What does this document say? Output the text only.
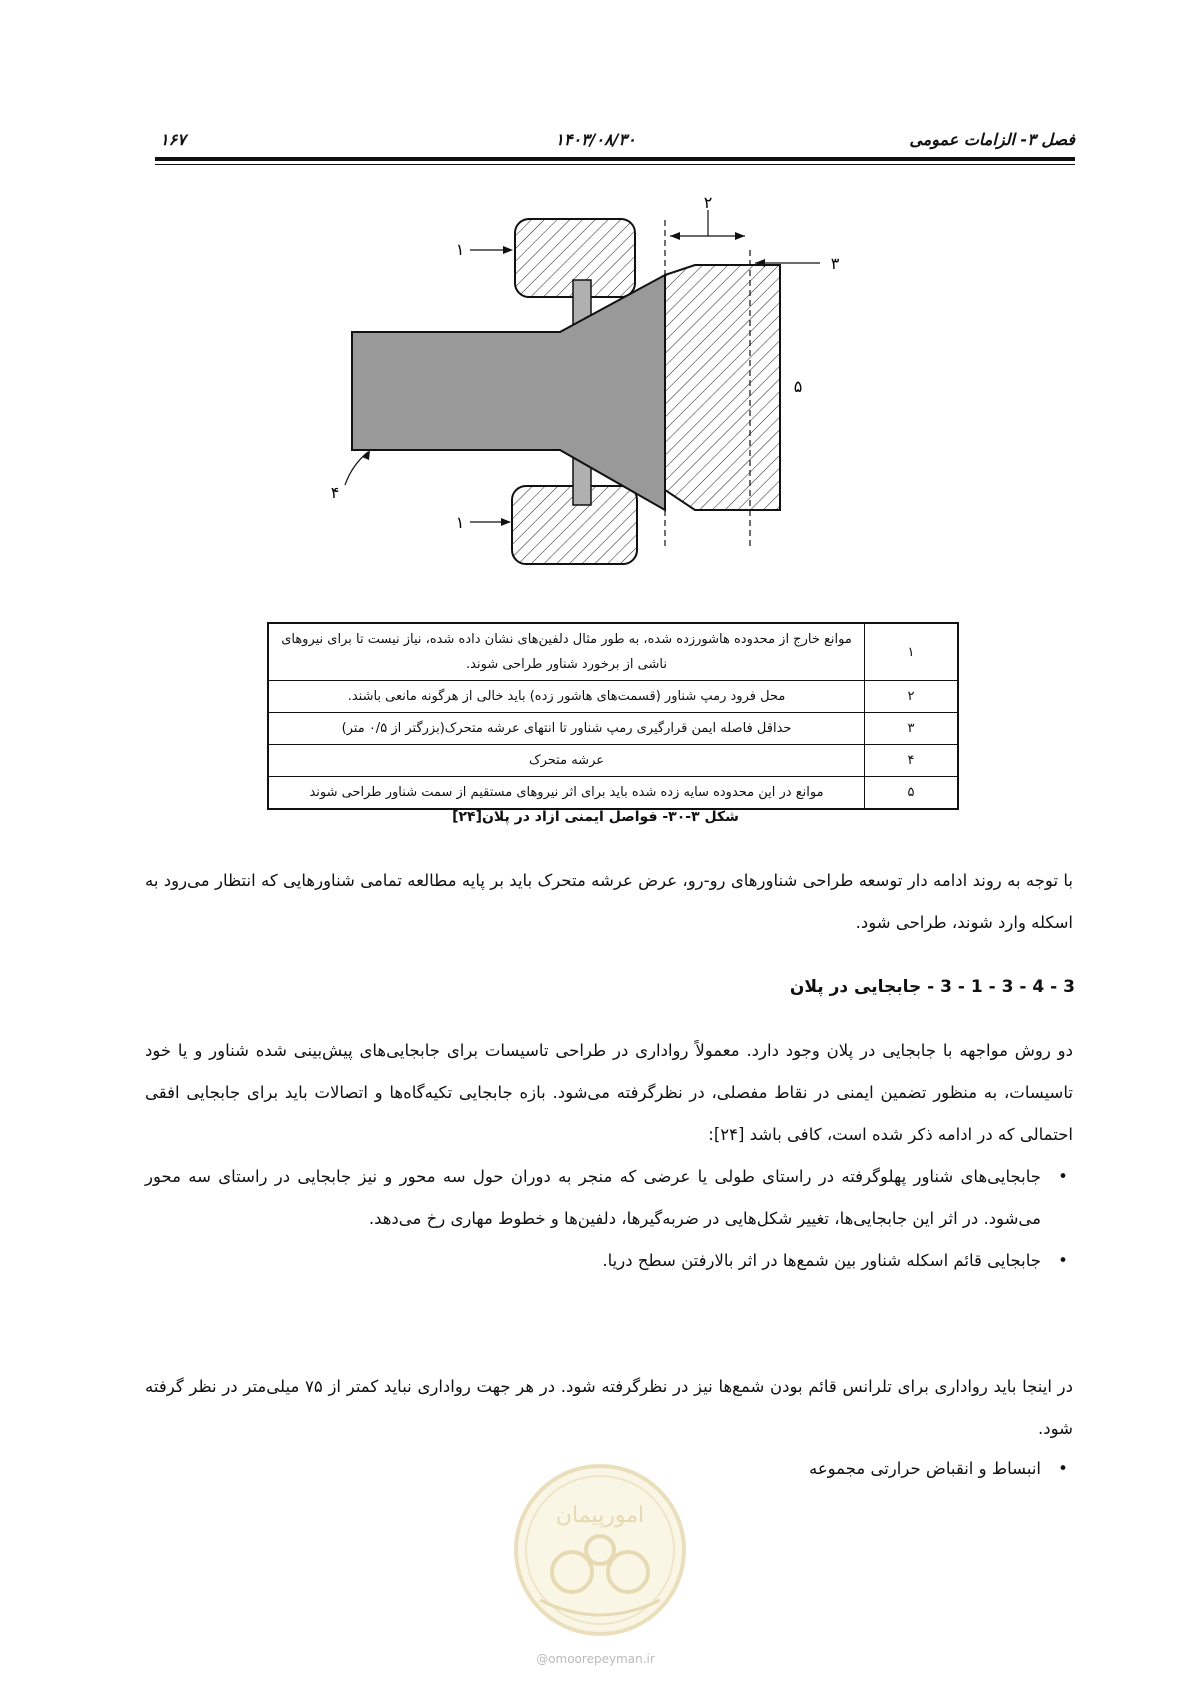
فصل ۳- الزامات عمومی
۱۴۰۳/۰۸/۳۰
۱۶۷
۱
۲
۳
۴
۵
۱
۱	موانع خارج از محدوده هاشورزده شده، به طور مثال دلفین‌های نشان داده شده، نیاز نیست تا برای نیروهای ناشی از برخورد شناور طراحی شوند.
۲	محل فرود رمپ شناور (قسمت‌های هاشور زده) باید خالی از هرگونه مانعی باشند.
۳	حداقل فاصله ایمن قرارگیری رمپ شناور تا انتهای عرشه متحرک(بزرگتر از ۰/۵ متر)
۴	عرشه متحرک
۵	موانع در این محدوده سایه زده شده باید برای اثر نیروهای مستقیم از سمت شناور طراحی شوند
شکل ۳-۳۰- فواصل ایمنی آزاد در پلان[۲۴]

با توجه به روند ادامه دار توسعه طراحی شناورهای رو-رو، عرض عرشه متحرک باید بر پایه مطالعه تمامی شناورهایی که انتظار می‌رود به اسکله وارد شوند، طراحی شود.

3 - 4 - 3 - 1 - 3 - جابجایی در پلان

دو روش مواجهه با جابجایی در پلان وجود دارد. معمولاً رواداری در طراحی تاسیسات برای جابجایی‌های پیش‌بینی شده شناور و یا خود تاسیسات، به منظور تضمین ایمنی در نقاط مفصلی، در نظرگرفته می‌شود. بازه جابجایی تکیه‌گاه‌ها و اتصالات باید برای جابجایی افقی احتمالی که در ادامه ذکر شده است، کافی باشد [۲۴]:

•
جابجایی‌های شناور پهلوگرفته در راستای طولی یا عرضی که منجر به دوران حول سه محور و نیز جابجایی در راستای سه محور می‌شود. در اثر این جابجایی‌ها، تغییر شکل‌هایی در ضربه‌گیرها، دلفین‌ها و خطوط مهاری رخ می‌دهد.
•
جابجایی قائم اسکله شناور بین شمع‌ها در اثر بالارفتن سطح دریا.

در اینجا باید رواداری برای تلرانس قائم بودن شمع‌ها نیز در نظرگرفته شود. در هر جهت رواداری نباید کمتر از ۷۵ میلی‌متر در نظر گرفته شود.

•
انبساط و انقباض حرارتی مجموعه
امورپیمان
@omoorepeyman.ir
